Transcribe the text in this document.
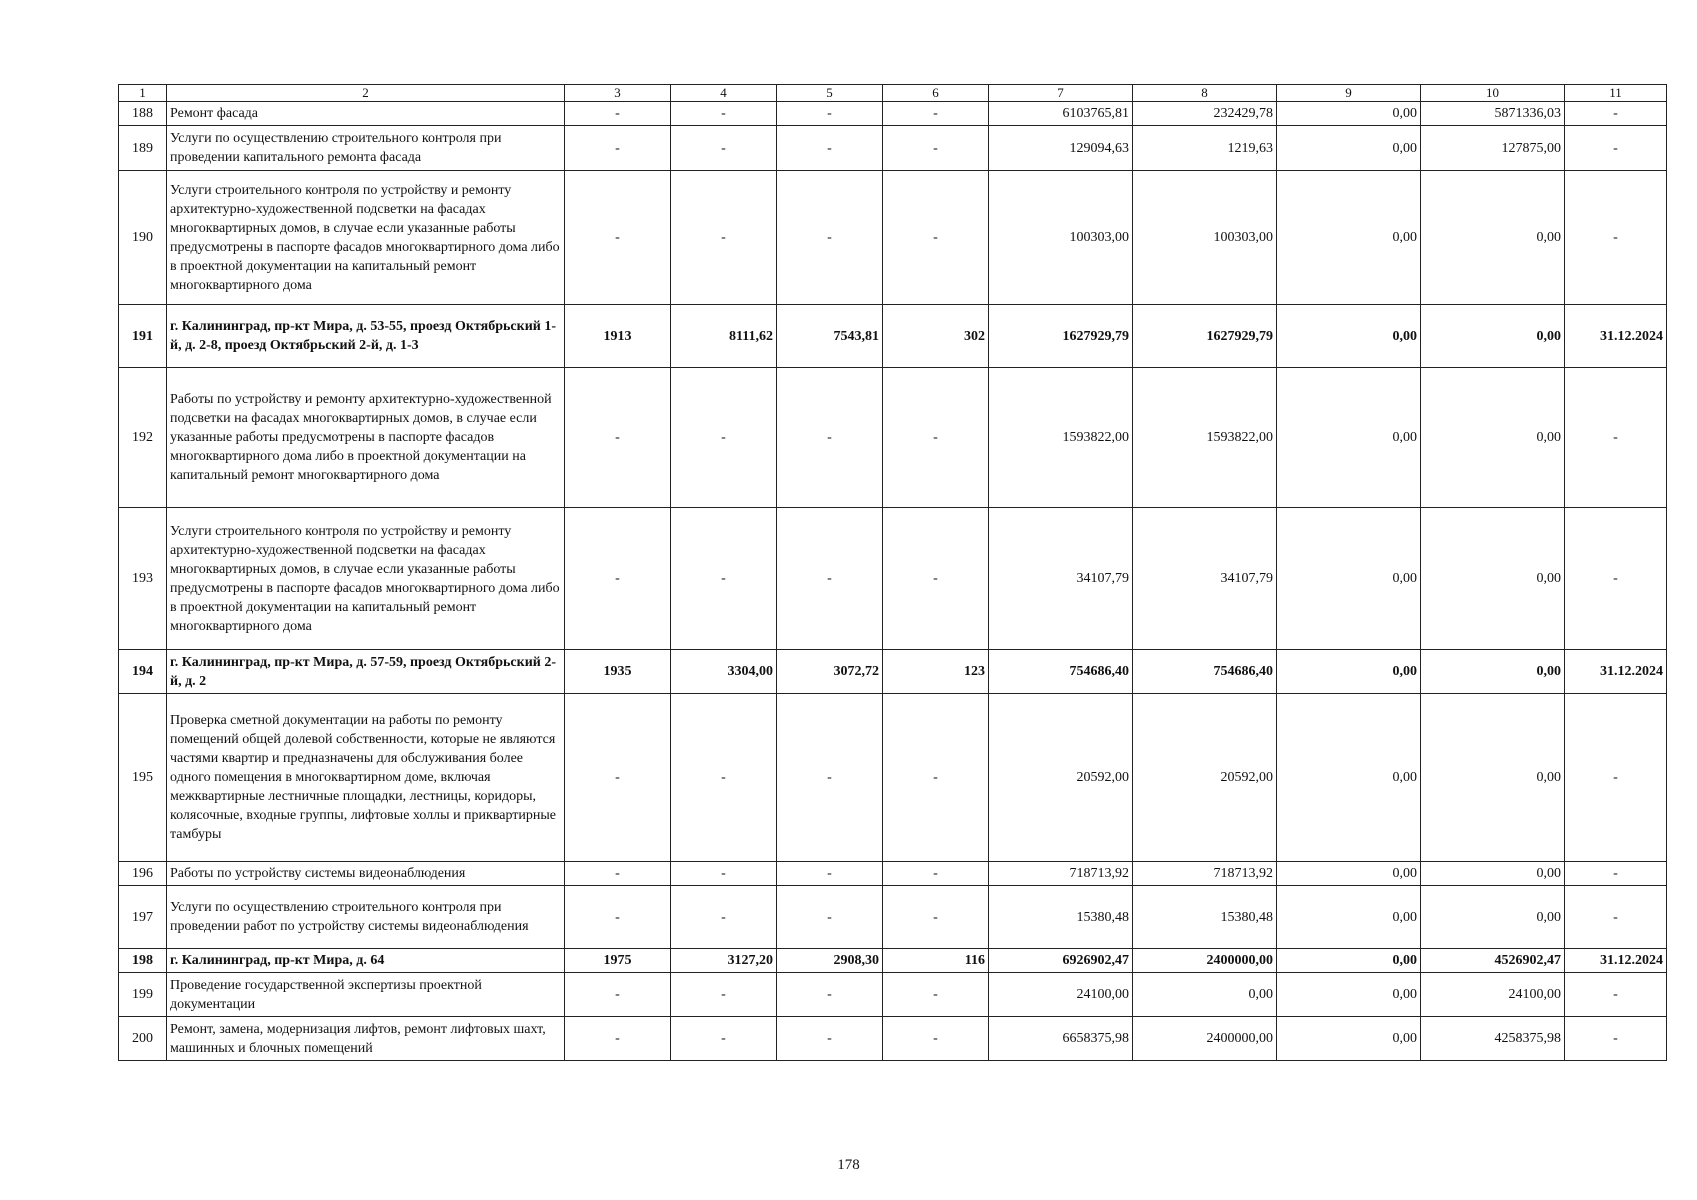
1	2	3	4	5	6	7	8	9	10	11
188	Ремонт фасада	-	-	-	-	6103765,81	232429,78	0,00	5871336,03	-
189	Услуги по осуществлению строительного контроля при проведении капитального ремонта фасада	-	-	-	-	129094,63	1219,63	0,00	127875,00	-
190	Услуги строительного контроля по устройству и ремонту архитектурно-художественной подсветки на фасадах многоквартирных домов, в случае если указанные работы предусмотрены в паспорте фасадов многоквартирного дома либо в проектной документации на капитальный ремонт многоквартирного дома	-	-	-	-	100303,00	100303,00	0,00	0,00	-
191	г. Калининград, пр-кт Мира, д. 53-55, проезд Октябрьский 1-й, д. 2-8, проезд Октябрьский 2-й, д. 1-3	1913	8111,62	7543,81	302	1627929,79	1627929,79	0,00	0,00	31.12.2024
192	Работы по устройству и ремонту архитектурно-художественной подсветки на фасадах многоквартирных домов, в случае если указанные работы предусмотрены в паспорте фасадов многоквартирного дома либо в проектной документации на капитальный ремонт многоквартирного дома	-	-	-	-	1593822,00	1593822,00	0,00	0,00	-
193	Услуги строительного контроля по устройству и ремонту архитектурно-художественной подсветки на фасадах многоквартирных домов, в случае если указанные работы предусмотрены в паспорте фасадов многоквартирного дома либо в проектной документации на капитальный ремонт многоквартирного дома	-	-	-	-	34107,79	34107,79	0,00	0,00	-
194	г. Калининград, пр-кт Мира, д. 57-59, проезд Октябрьский 2-й, д. 2	1935	3304,00	3072,72	123	754686,40	754686,40	0,00	0,00	31.12.2024
195	Проверка сметной документации на работы по ремонту помещений общей долевой собственности, которые не являются частями квартир и предназначены для обслуживания более одного помещения в многоквартирном доме, включая межквартирные лестничные площадки, лестницы, коридоры, колясочные, входные группы, лифтовые холлы и приквартирные тамбуры	-	-	-	-	20592,00	20592,00	0,00	0,00	-
196	Работы по устройству системы видеонаблюдения	-	-	-	-	718713,92	718713,92	0,00	0,00	-
197	Услуги по осуществлению строительного контроля при проведении работ по устройству системы видеонаблюдения	-	-	-	-	15380,48	15380,48	0,00	0,00	-
198	г. Калининград, пр-кт Мира, д. 64	1975	3127,20	2908,30	116	6926902,47	2400000,00	0,00	4526902,47	31.12.2024
199	Проведение государственной экспертизы проектной документации	-	-	-	-	24100,00	0,00	0,00	24100,00	-
200	Ремонт, замена, модернизация лифтов, ремонт лифтовых шахт, машинных и блочных помещений	-	-	-	-	6658375,98	2400000,00	0,00	4258375,98	-
178
